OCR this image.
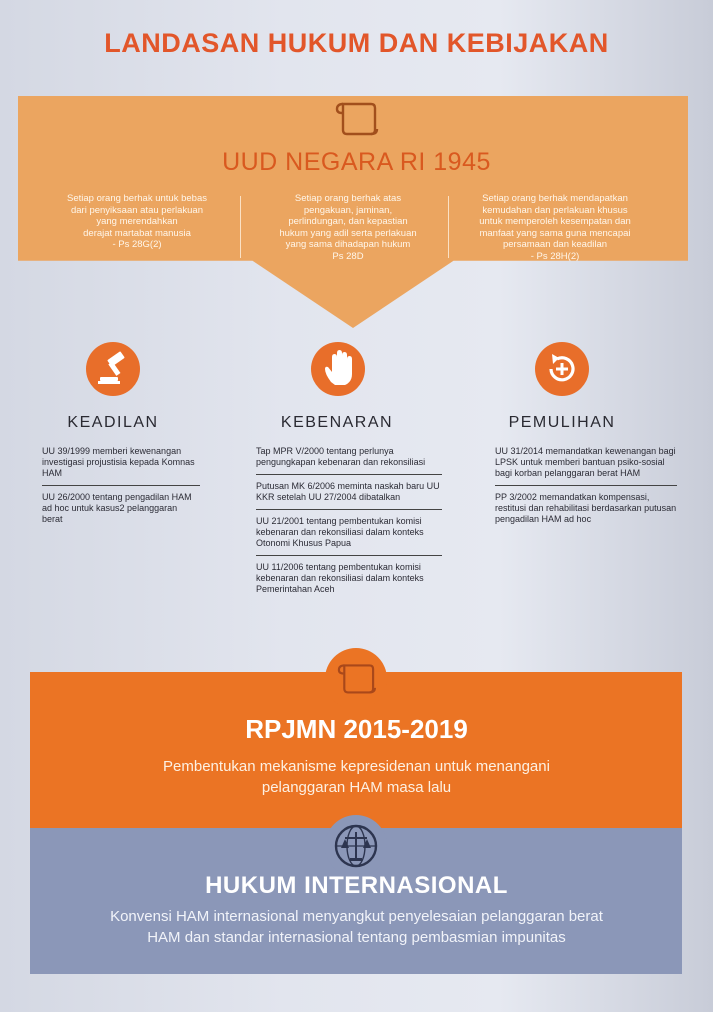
LANDASAN HUKUM DAN KEBIJAKAN
UUD NEGARA RI 1945
Setiap orang berhak untuk bebas
dari penyiksaan atau perlakuan
yang merendahkan
derajat martabat manusia
- Ps 28G(2)
Setiap orang berhak atas
pengakuan, jaminan,
perlindungan, dan kepastian
hukum yang adil serta perlakuan
yang sama dihadapan hukum
Ps 28D
Setiap orang berhak mendapatkan
kemudahan dan perlakuan khusus
untuk memperoleh kesempatan dan
manfaat yang sama guna mencapai
persamaan dan keadilan
- Ps 28H(2)
KEADILAN
UU 39/1999 memberi kewenangan investigasi projustisia kepada Komnas HAM
UU 26/2000 tentang pengadilan HAM ad hoc untuk kasus2 pelanggaran berat
KEBENARAN
Tap MPR V/2000 tentang perlunya pengungkapan kebenaran dan rekonsiliasi
Putusan MK 6/2006 meminta naskah baru UU KKR setelah UU 27/2004 dibatalkan
UU 21/2001 tentang pembentukan komisi kebenaran dan rekonsiliasi dalam konteks Otonomi Khusus Papua
UU 11/2006 tentang pembentukan komisi kebenaran dan rekonsiliasi dalam konteks Pemerintahan Aceh
PEMULIHAN
UU 31/2014 memandatkan kewenangan bagi LPSK untuk memberi bantuan psiko-sosial bagi korban pelanggaran berat HAM
PP 3/2002 memandatkan kompensasi, restitusi dan rehabilitasi berdasarkan putusan pengadilan HAM ad hoc
RPJMN 2015-2019
Pembentukan mekanisme kepresidenan untuk menangani
pelanggaran HAM masa lalu
HUKUM INTERNASIONAL
Konvensi HAM internasional menyangkut penyelesaian pelanggaran berat
HAM dan standar internasional tentang pembasmian impunitas
